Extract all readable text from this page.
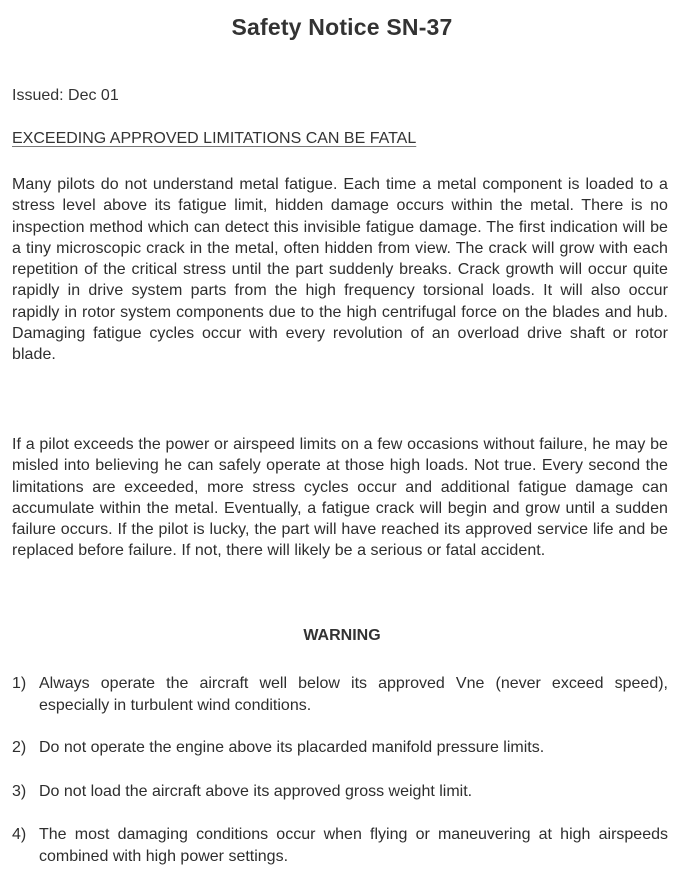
Safety Notice SN-37

Issued: Dec 01

EXCEEDING APPROVED LIMITATIONS CAN BE FATAL

Many pilots do not understand metal fatigue. Each time a metal component is loaded to a stress level above its fatigue limit, hidden damage occurs within the metal. There is no inspection method which can detect this invisible fatigue damage. The first indication will be a tiny microscopic crack in the metal, often hidden from view. The crack will grow with each repetition of the critical stress until the part suddenly breaks. Crack growth will occur quite rapidly in drive system parts from the high frequency torsional loads. It will also occur rapidly in rotor system components due to the high centrifugal force on the blades and hub. Damaging fatigue cycles occur with every revolution of an overload drive shaft or rotor blade.

If a pilot exceeds the power or airspeed limits on a few occasions without failure, he may be misled into believing he can safely operate at those high loads. Not true. Every second the limitations are exceeded, more stress cycles occur and additional fatigue damage can accumulate within the metal. Eventually, a fatigue crack will begin and grow until a sudden failure occurs. If the pilot is lucky, the part will have reached its approved service life and be replaced before failure. If not, there will likely be a serious or fatal accident.

WARNING
1) Always operate the aircraft well below its approved Vne (never exceed speed), especially in turbulent wind conditions.
2) Do not operate the engine above its placarded manifold pressure limits.
3) Do not load the aircraft above its approved gross weight limit.
4) The most damaging conditions occur when flying or maneuvering at high airspeeds combined with high power settings.
